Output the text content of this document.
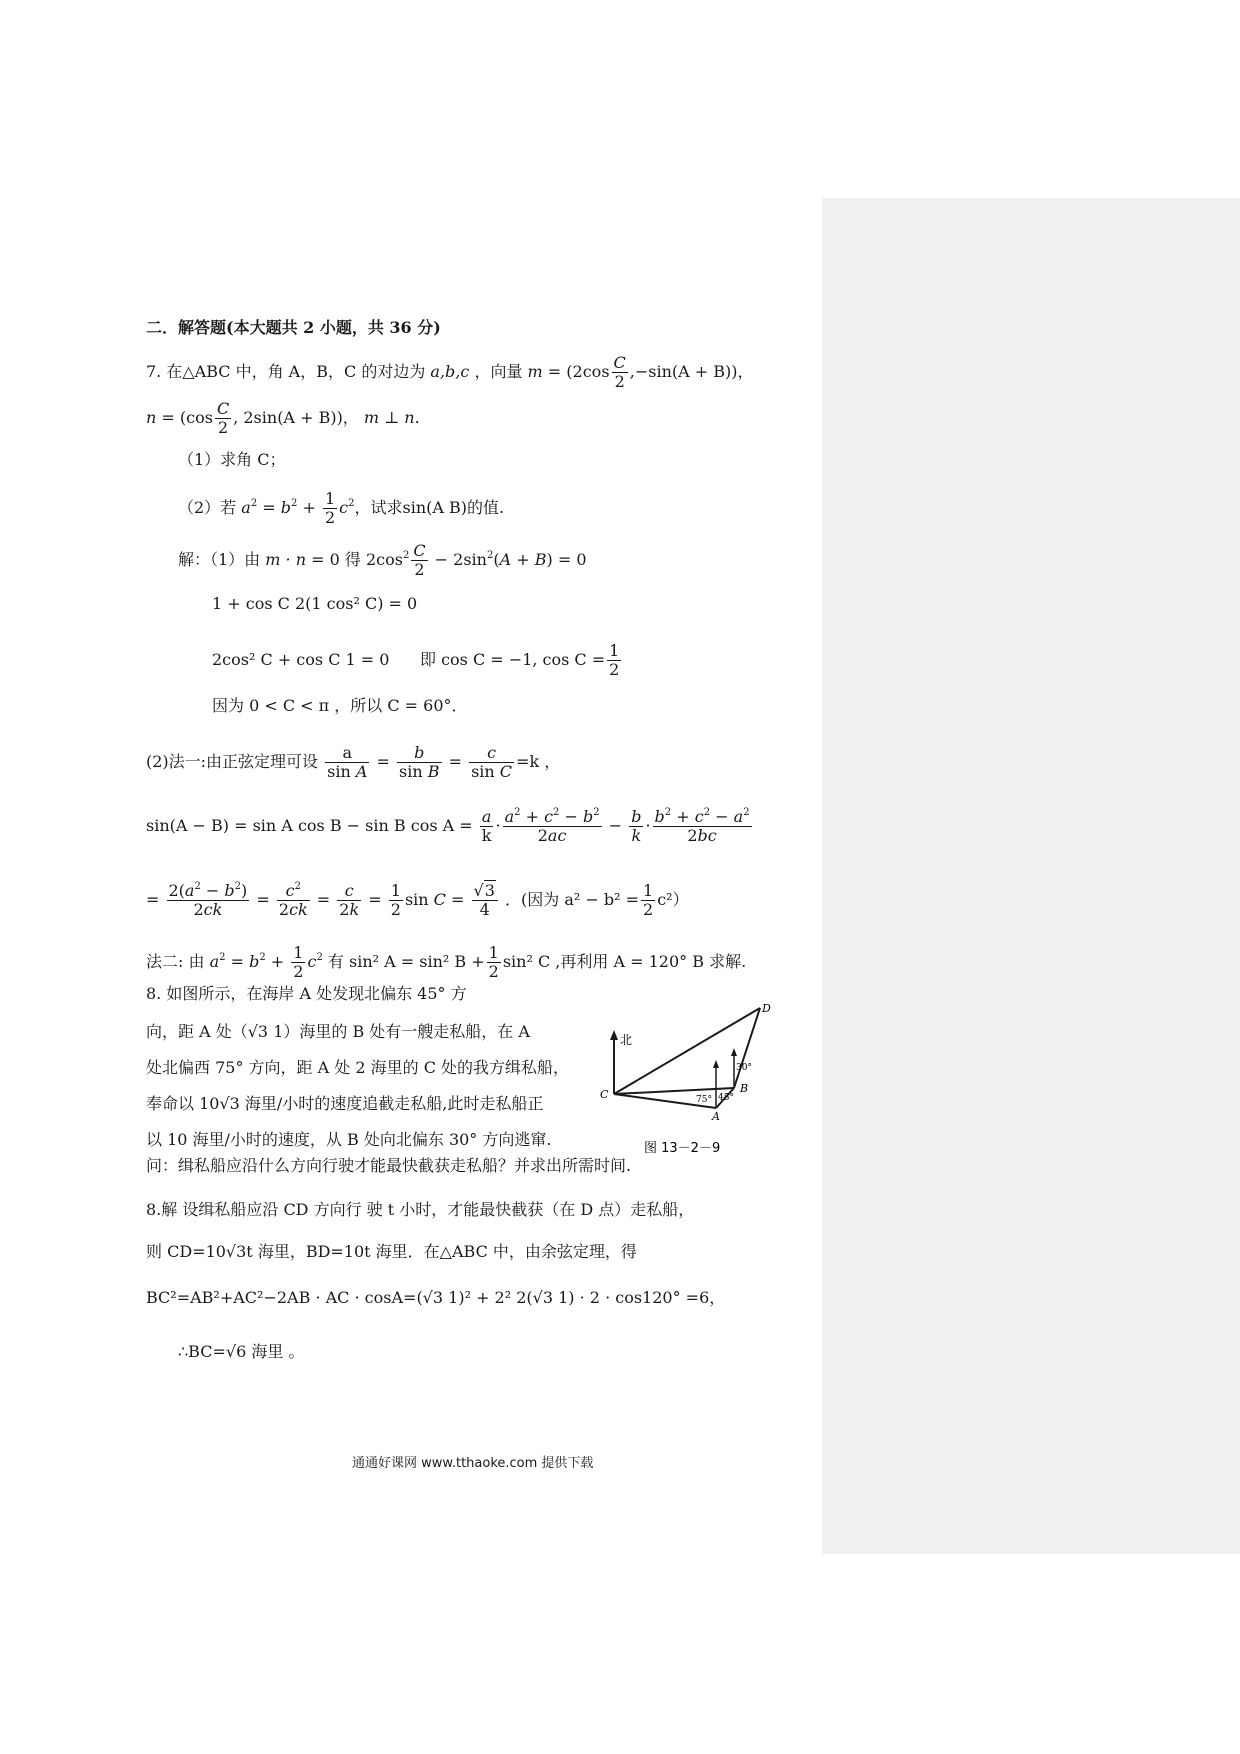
二．解答题(本大题共 2 小题，共 36 分)
7. 在△ABC 中，角 A，B，C 的对边为 a,b,c ，向量 $m = (2\cos \frac{C}{2} ,-\sin(A + B))$，
$n = (\cos \frac{C}{2}$ , 2sin(A + B))， m ⊥ n.
（1）求角 C；
（2）若 $a^2 = b^2 + \frac{1}{2} c^2$，试求sin(A B)的值.
解：（1）由 m · n = 0 得 $2\cos^2 \frac{C}{2} - 2\sin^2(A + B) = 0$
1 + cos C 2(1 cos² C) = 0
2cos² C + cos C 1 = 0 即 cos C = −1, $\cos C = \frac{1}{2}$
因为 0 < C < π ，所以 C = 60°．
(2)法一:由正弦定理可设 $\frac{a}{\text{sin A}} = \frac{b}{\text{sin B}} = \frac{c}{\text{sin C}} =k$ ，
sin(A − B) = sin A cos B − sin B $\cos A = \frac{a}{k} \cdot \frac{a^2 + c^2 - b^2}{2ac} - \frac{b}{k} \cdot \frac{b^2 + c^2 - a^2}{2bc}$
= $\frac{2(a^2 - b^2)}{2ck} = \frac{c^2}{2ck} = \frac{c}{2k} = \frac{1}{2}$ $\sin C = \frac{√3}{4}$ ．(因为 $a^2 - b^2 = \frac{1}{2} c^2$）
法二: 由 $a^2 = b^2 + \frac{1}{2} c^2$ 有 sin² A = sin² $B + \frac{1}{2} \sin^2$ C ,再利用 A = 120° B 求解.
8. 如图所示，在海岸 A 处发现北偏东 45° 方
向，距 A 处（√3 1）海里的 B 处有一艘走私船，在 A
处北偏西 75° 方向，距 A 处 2 海里的 C 处的我方缉私船，
奉命以 10√3 海里/小时的速度追截走私船,此时走私船正
以 10 海里/小时的速度，从 B 处向北偏东 30° 方向逃窜.
问：缉私船应沿什么方向行驶才能最快截获走私船？并求出所需时间.
北
C	B
A
D
75° 45°
30°
图 13－2－9
8.解 设缉私船应沿 CD 方向行 驶 t 小时，才能最快截获（在 D 点）走私船，
则 CD=10√3t 海里，BD=10t 海里．在△ABC 中，由余弦定理，得
BC²=AB²+AC²−2AB · AC · cosA=(√3 1)² + 2² 2(√3 1) · 2 · cos120° =6，
∴BC=√6 海里 。
通通好课网 www.tthaoke.com 提供下载
